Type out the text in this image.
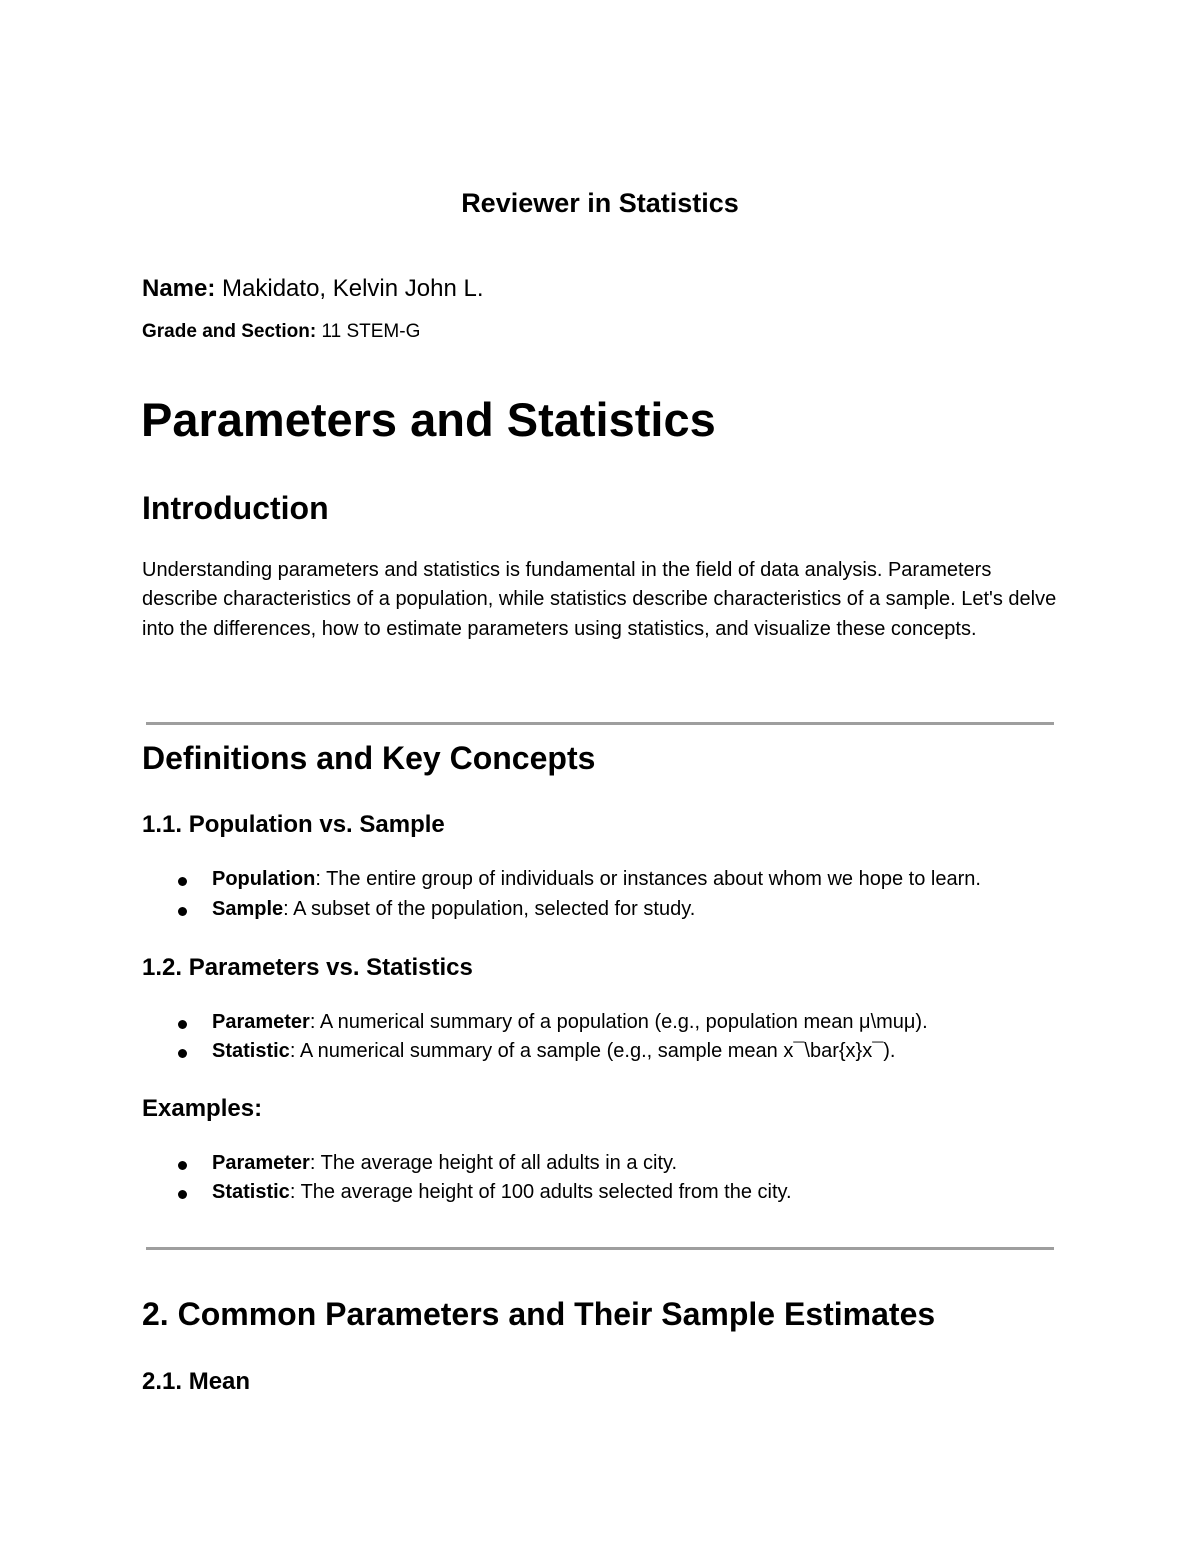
Reviewer in Statistics
Name: Makidato, Kelvin John L.
Grade and Section: 11 STEM-G
Parameters and Statistics
Introduction
Understanding parameters and statistics is fundamental in the field of data analysis. Parameters describe characteristics of a population, while statistics describe characteristics of a sample. Let's delve into the differences, how to estimate parameters using statistics, and visualize these concepts.
Definitions and Key Concepts
1.1. Population vs. Sample
Population: The entire group of individuals or instances about whom we hope to learn.
Sample: A subset of the population, selected for study.
1.2. Parameters vs. Statistics
Parameter: A numerical summary of a population (e.g., population mean μ\muμ).
Statistic: A numerical summary of a sample (e.g., sample mean x¯\bar{x}x¯).
Examples:
Parameter: The average height of all adults in a city.
Statistic: The average height of 100 adults selected from the city.
2. Common Parameters and Their Sample Estimates
2.1. Mean
